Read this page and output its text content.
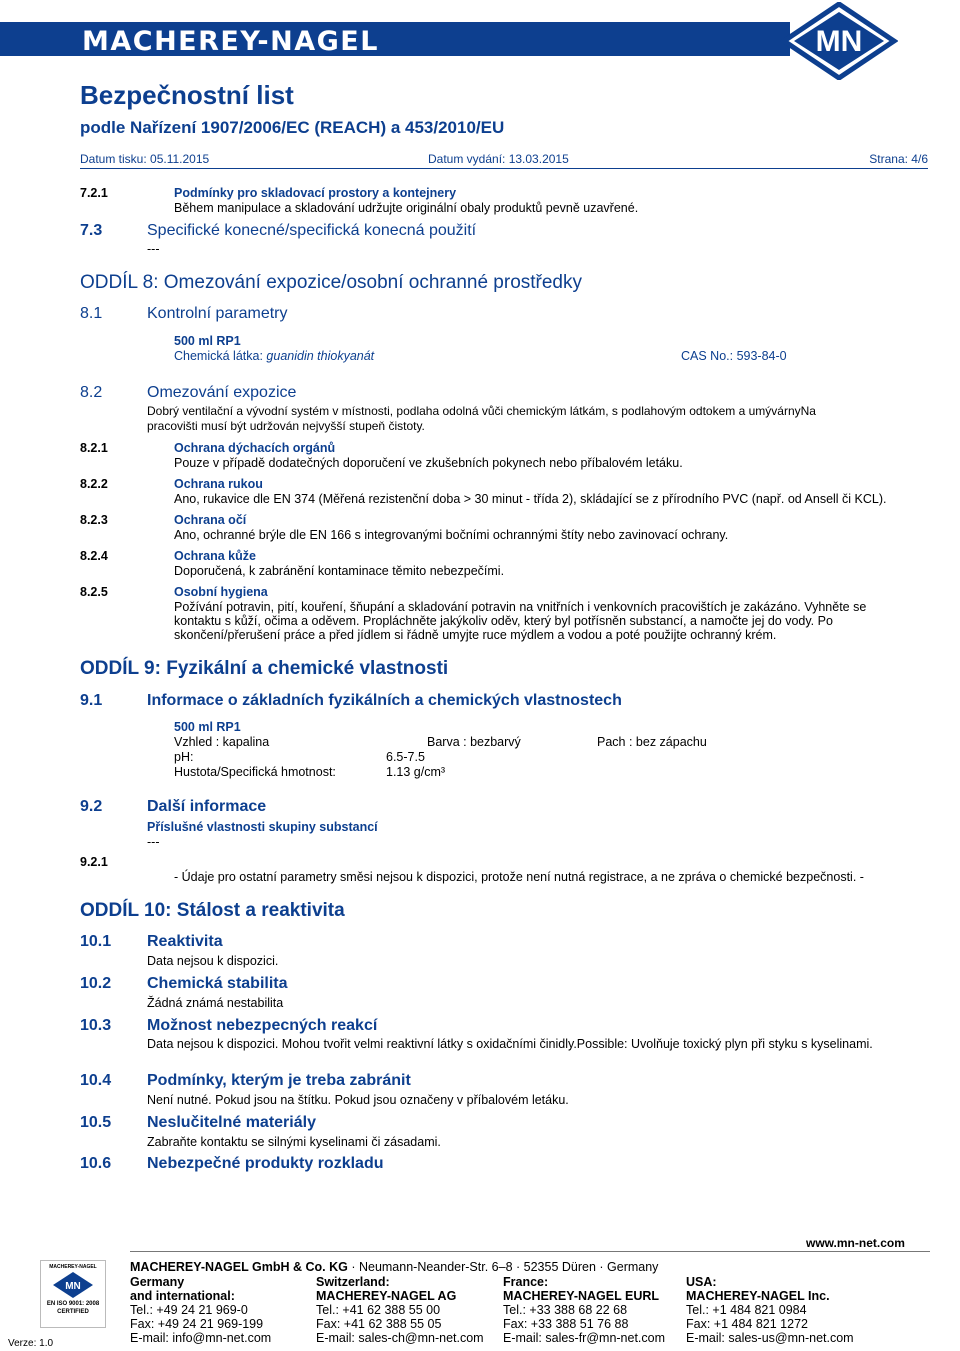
MACHEREY-NAGEL	MN
Bezpečnostní list
podle Nařízení 1907/2006/EC (REACH) a 453/2010/EU
Datum tisku: 05.11.2015	Datum vydání: 13.03.2015	Strana: 4/6
7.2.1	Podmínky pro skladovací prostory a kontejnery
Během manipulace a skladování udržujte originální obaly produktů pevně uzavřené.
7.3	Specifické konecné/specifická konecná použití
---
ODDÍL 8: Omezování expozice/osobní ochranné prostředky
8.1	Kontrolní parametry
500 ml RP1
Chemická látka: guanidin thiokyanát	CAS No.: 593-84-0
8.2	Omezování expozice
Dobrý ventilační a vývodní systém v místnosti, podlaha odolná vůči chemickým látkám, s podlahovým odtokem a umývárnyNa
pracovišti musí být udržován nejvyšší stupeň čistoty.
8.2.1	Ochrana dýchacích orgánů
Pouze v případě dodatečných doporučení ve zkušebních pokynech nebo příbalovém letáku.
8.2.2	Ochrana rukou
Ano, rukavice dle EN 374 (Měřená rezistenční doba > 30 minut - třída 2), skládající se z přírodního PVC (např. od Ansell či KCL).
8.2.3	Ochrana očí
Ano, ochranné brýle dle EN 166 s integrovanými bočními ochrannými štíty nebo zavinovací ochrany.
8.2.4	Ochrana kůže
Doporučená, k zabránění kontaminace těmito nebezpečími.
8.2.5	Osobní hygiena
Požívání potravin, pití, kouření, šňupání a skladování potravin na vnitřních i venkovních pracovištích je zakázáno. Vyhněte se
kontaktu s kůží, očima a oděvem. Propláchněte jakýkoliv oděv, který byl potřísněn substancí, a namočte jej do vody. Po
skončení/přerušení práce a před jídlem si řádně umyjte ruce mýdlem a vodou a poté použijte ochranný krém.
ODDÍL 9: Fyzikální a chemické vlastnosti
9.1	Informace o základních fyzikálních a chemických vlastnostech
500 ml RP1
Vzhled : kapalina	Barva : bezbarvý	Pach : bez zápachu
pH:	6.5-7.5
Hustota/Specifická hmotnost:	1.13 g/cm³
9.2	Další informace
Příslušné vlastnosti skupiny substancí
---
9.2.1
- Údaje pro ostatní parametry směsi nejsou k dispozici, protože není nutná registrace, a ne zpráva o chemické bezpečnosti. -
ODDÍL 10: Stálost a reaktivita
10.1 Reaktivita
Data nejsou k dispozici.
10.2 Chemická stabilita
Žádná známá nestabilita
10.3 Možnost nebezpecných reakcí
Data nejsou k dispozici. Mohou tvořit velmi reaktivní látky s oxidačními činidly.Possible: Uvolňuje toxický plyn při styku s kyselinami.
10.4 Podmínky, kterým je treba zabránit
Není nutné. Pokud jsou na štítku. Pokud jsou označeny v příbalovém letáku.
10.5 Neslučitelné materiály
Zabraňte kontaktu se silnými kyselinami či zásadami.
10.6 Nebezpečné produkty rozkladu
www.mn-net.com
MACHEREY-NAGEL GmbH & Co. KG · Neumann-Neander-Str. 6–8 · 52355 Düren · Germany
MACHEREY-NAGEL
MN
EN ISO 9001: 2008
CERTIFIED
Verze: 1.0
Germany
and international:
Tel.: +49 24 21 969-0
Fax: +49 24 21 969-199
E-mail: info@mn-net.com
Switzerland:
MACHEREY-NAGEL AG
Tel.: +41 62 388 55 00
Fax: +41 62 388 55 05
E-mail: sales-ch@mn-net.com
France:
MACHEREY-NAGEL EURL
Tel.: +33 388 68 22 68
Fax: +33 388 51 76 88
E-mail: sales-fr@mn-net.com
USA:
MACHEREY-NAGEL Inc.
Tel.: +1 484 821 0984
Fax: +1 484 821 1272
E-mail: sales-us@mn-net.com
